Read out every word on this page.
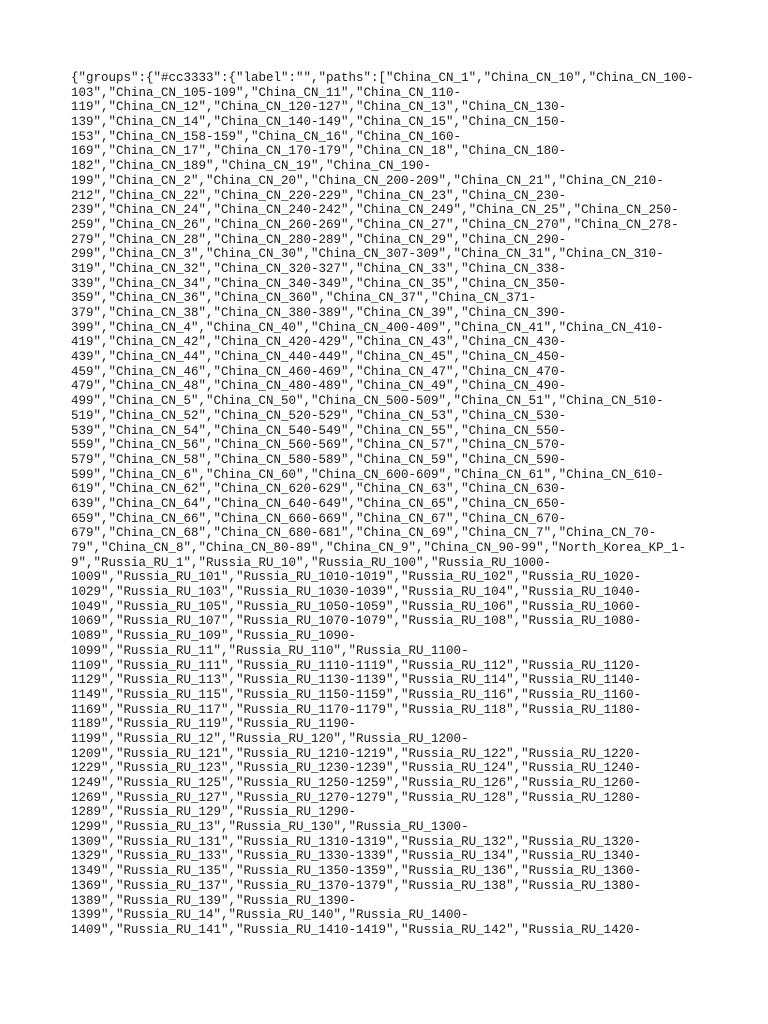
{"groups":{"#cc3333":{"label":"","paths":["China_CN_1","China_CN_10","China_CN_100-
103","China_CN_105-109","China_CN_11","China_CN_110-
119","China_CN_12","China_CN_120-127","China_CN_13","China_CN_130-
139","China_CN_14","China_CN_140-149","China_CN_15","China_CN_150-
153","China_CN_158-159","China_CN_16","China_CN_160-
169","China_CN_17","China_CN_170-179","China_CN_18","China_CN_180-
182","China_CN_189","China_CN_19","China_CN_190-
199","China_CN_2","China_CN_20","China_CN_200-209","China_CN_21","China_CN_210-
212","China_CN_22","China_CN_220-229","China_CN_23","China_CN_230-
239","China_CN_24","China_CN_240-242","China_CN_249","China_CN_25","China_CN_250-
259","China_CN_26","China_CN_260-269","China_CN_27","China_CN_270","China_CN_278-
279","China_CN_28","China_CN_280-289","China_CN_29","China_CN_290-
299","China_CN_3","China_CN_30","China_CN_307-309","China_CN_31","China_CN_310-
319","China_CN_32","China_CN_320-327","China_CN_33","China_CN_338-
339","China_CN_34","China_CN_340-349","China_CN_35","China_CN_350-
359","China_CN_36","China_CN_360","China_CN_37","China_CN_371-
379","China_CN_38","China_CN_380-389","China_CN_39","China_CN_390-
399","China_CN_4","China_CN_40","China_CN_400-409","China_CN_41","China_CN_410-
419","China_CN_42","China_CN_420-429","China_CN_43","China_CN_430-
439","China_CN_44","China_CN_440-449","China_CN_45","China_CN_450-
459","China_CN_46","China_CN_460-469","China_CN_47","China_CN_470-
479","China_CN_48","China_CN_480-489","China_CN_49","China_CN_490-
499","China_CN_5","China_CN_50","China_CN_500-509","China_CN_51","China_CN_510-
519","China_CN_52","China_CN_520-529","China_CN_53","China_CN_530-
539","China_CN_54","China_CN_540-549","China_CN_55","China_CN_550-
559","China_CN_56","China_CN_560-569","China_CN_57","China_CN_570-
579","China_CN_58","China_CN_580-589","China_CN_59","China_CN_590-
599","China_CN_6","China_CN_60","China_CN_600-609","China_CN_61","China_CN_610-
619","China_CN_62","China_CN_620-629","China_CN_63","China_CN_630-
639","China_CN_64","China_CN_640-649","China_CN_65","China_CN_650-
659","China_CN_66","China_CN_660-669","China_CN_67","China_CN_670-
679","China_CN_68","China_CN_680-681","China_CN_69","China_CN_7","China_CN_70-
79","China_CN_8","China_CN_80-89","China_CN_9","China_CN_90-99","North_Korea_KP_1-
9","Russia_RU_1","Russia_RU_10","Russia_RU_100","Russia_RU_1000-
1009","Russia_RU_101","Russia_RU_1010-1019","Russia_RU_102","Russia_RU_1020-
1029","Russia_RU_103","Russia_RU_1030-1039","Russia_RU_104","Russia_RU_1040-
1049","Russia_RU_105","Russia_RU_1050-1059","Russia_RU_106","Russia_RU_1060-
1069","Russia_RU_107","Russia_RU_1070-1079","Russia_RU_108","Russia_RU_1080-
1089","Russia_RU_109","Russia_RU_1090-
1099","Russia_RU_11","Russia_RU_110","Russia_RU_1100-
1109","Russia_RU_111","Russia_RU_1110-1119","Russia_RU_112","Russia_RU_1120-
1129","Russia_RU_113","Russia_RU_1130-1139","Russia_RU_114","Russia_RU_1140-
1149","Russia_RU_115","Russia_RU_1150-1159","Russia_RU_116","Russia_RU_1160-
1169","Russia_RU_117","Russia_RU_1170-1179","Russia_RU_118","Russia_RU_1180-
1189","Russia_RU_119","Russia_RU_1190-
1199","Russia_RU_12","Russia_RU_120","Russia_RU_1200-
1209","Russia_RU_121","Russia_RU_1210-1219","Russia_RU_122","Russia_RU_1220-
1229","Russia_RU_123","Russia_RU_1230-1239","Russia_RU_124","Russia_RU_1240-
1249","Russia_RU_125","Russia_RU_1250-1259","Russia_RU_126","Russia_RU_1260-
1269","Russia_RU_127","Russia_RU_1270-1279","Russia_RU_128","Russia_RU_1280-
1289","Russia_RU_129","Russia_RU_1290-
1299","Russia_RU_13","Russia_RU_130","Russia_RU_1300-
1309","Russia_RU_131","Russia_RU_1310-1319","Russia_RU_132","Russia_RU_1320-
1329","Russia_RU_133","Russia_RU_1330-1339","Russia_RU_134","Russia_RU_1340-
1349","Russia_RU_135","Russia_RU_1350-1359","Russia_RU_136","Russia_RU_1360-
1369","Russia_RU_137","Russia_RU_1370-1379","Russia_RU_138","Russia_RU_1380-
1389","Russia_RU_139","Russia_RU_1390-
1399","Russia_RU_14","Russia_RU_140","Russia_RU_1400-
1409","Russia_RU_141","Russia_RU_1410-1419","Russia_RU_142","Russia_RU_1420-
